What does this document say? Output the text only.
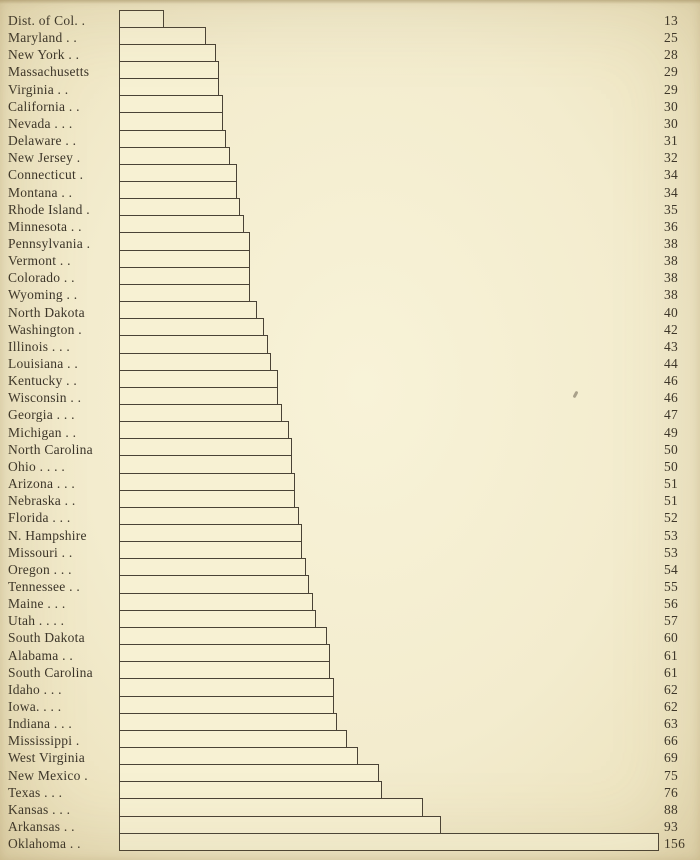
Dist. of Col. .	13
Maryland . .	25
New York . .	28
Massachusetts	29
Virginia . .	29
California . .	30
Nevada . . .	30
Delaware . .	31
New Jersey .	32
Connecticut .	34
Montana . .	34
Rhode Island .	35
Minnesota . .	36
Pennsylvania .	38
Vermont . .	38
Colorado . .	38
Wyoming . .	38
North Dakota	40
Washington .	42
Illinois . . .	43
Louisiana . .	44
Kentucky . .	46
Wisconsin . .	46
Georgia . . .	47
Michigan . .	49
North Carolina	50
Ohio . . . .	50
Arizona . . .	51
Nebraska . .	51
Florida . . .	52
N. Hampshire	53
Missouri . .	53
Oregon . . .	54
Tennessee . .	55
Maine . . .	56
Utah . . . .	57
South Dakota	60
Alabama . .	61
South Carolina	61
Idaho . . .	62
Iowa. . . .	62
Indiana . . .	63
Mississippi .	66
West Virginia	69
New Mexico .	75
Texas . . .	76
Kansas . . .	88
Arkansas . .	93
Oklahoma . .	156
